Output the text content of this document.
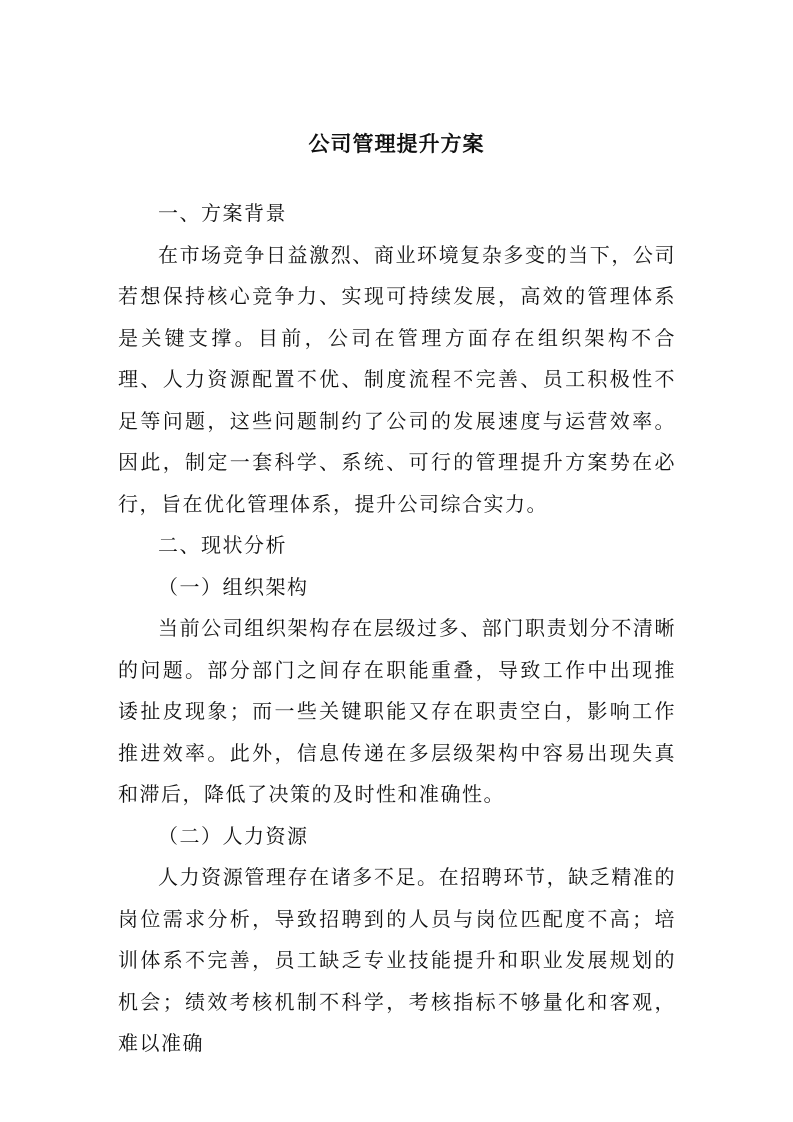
公司管理提升方案

一、方案背景

在市场竞争日益激烈、商业环境复杂多变的当下，公司若想保持核心竞争力、实现可持续发展，高效的管理体系是关键支撑。目前，公司在管理方面存在组织架构不合理、人力资源配置不优、制度流程不完善、员工积极性不足等问题，这些问题制约了公司的发展速度与运营效率。因此，制定一套科学、系统、可行的管理提升方案势在必行，旨在优化管理体系，提升公司综合实力。

二、现状分析

（一）组织架构

当前公司组织架构存在层级过多、部门职责划分不清晰的问题。部分部门之间存在职能重叠，导致工作中出现推诿扯皮现象；而一些关键职能又存在职责空白，影响工作推进效率。此外，信息传递在多层级架构中容易出现失真和滞后，降低了决策的及时性和准确性。

（二）人力资源

人力资源管理存在诸多不足。在招聘环节，缺乏精准的岗位需求分析，导致招聘到的人员与岗位匹配度不高；培训体系不完善，员工缺乏专业技能提升和职业发展规划的机会；绩效考核机制不科学，考核指标不够量化和客观，难以准确
